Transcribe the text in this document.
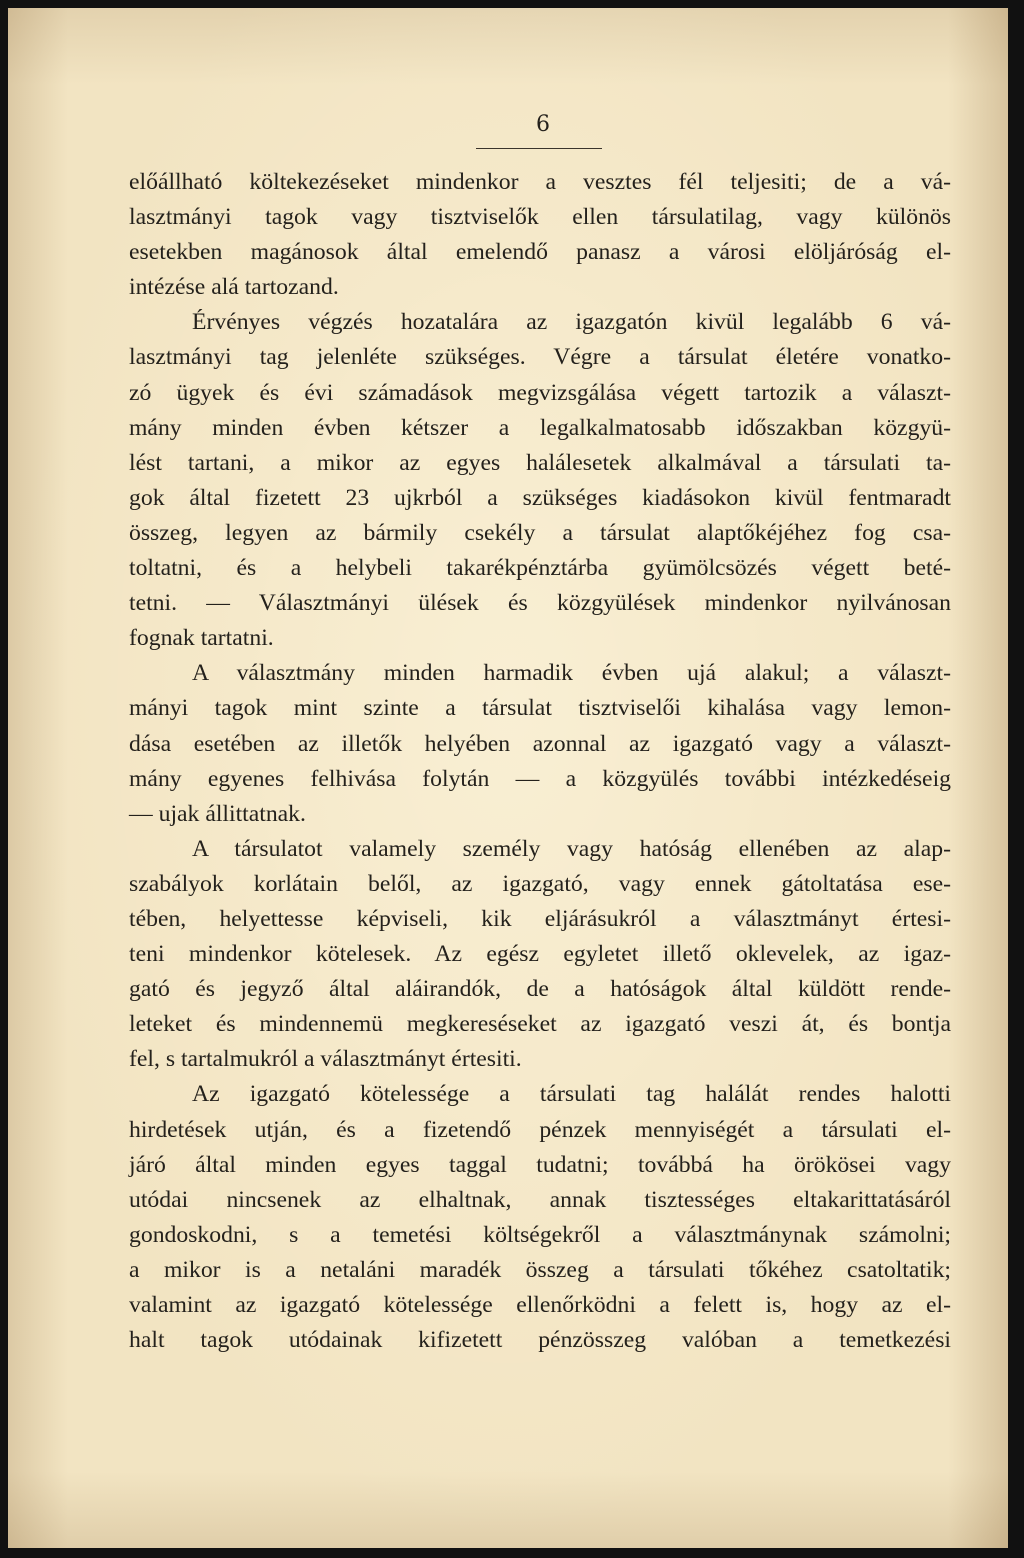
6
előállható költekezéseket mindenkor a vesztes fél teljesiti; de a vá-
lasztmányi tagok vagy tisztviselők ellen társulatilag, vagy különös
esetekben magánosok által emelendő panasz a városi elöljáróság el-
intézése alá tartozand.
Érvényes végzés hozatalára az igazgatón kivül legalább 6 vá-
lasztmányi tag jelenléte szükséges. Végre a társulat életére vonatko-
zó ügyek és évi számadások megvizsgálása végett tartozik a választ-
mány minden évben kétszer a legalkalmatosabb időszakban közgyü-
lést tartani, a mikor az egyes halálesetek alkalmával a társulati ta-
gok által fizetett 23 ujkrból a szükséges kiadásokon kivül fentmaradt
összeg, legyen az bármily csekély a társulat alaptőkéjéhez fog csa-
toltatni, és a helybeli takarékpénztárba gyümölcsözés végett beté-
tetni. — Választmányi ülések és közgyülések mindenkor nyilvánosan
fognak tartatni.
A választmány minden harmadik évben ujá alakul; a választ-
mányi tagok mint szinte a társulat tisztviselői kihalása vagy lemon-
dása esetében az illetők helyében azonnal az igazgató vagy a választ-
mány egyenes felhivása folytán — a közgyülés további intézkedéseig
— ujak állittatnak.
A társulatot valamely személy vagy hatóság ellenében az alap-
szabályok korlátain belől, az igazgató, vagy ennek gátoltatása ese-
tében, helyettesse képviseli, kik eljárásukról a választmányt értesi-
teni mindenkor kötelesek. Az egész egyletet illető oklevelek, az igaz-
gató és jegyző által aláirandók, de a hatóságok által küldött rende-
leteket és mindennemü megkereséseket az igazgató veszi át, és bontja
fel, s tartalmukról a választmányt értesiti.
Az igazgató kötelessége a társulati tag halálát rendes halotti
hirdetések utján, és a fizetendő pénzek mennyiségét a társulati el-
járó által minden egyes taggal tudatni; továbbá ha örökösei vagy
utódai nincsenek az elhaltnak, annak tisztességes eltakarittatásáról
gondoskodni, s a temetési költségekről a választmánynak számolni;
a mikor is a netaláni maradék összeg a társulati tőkéhez csatoltatik;
valamint az igazgató kötelessége ellenőrködni a felett is, hogy az el-
halt tagok utódainak kifizetett pénzösszeg valóban a temetkezési
